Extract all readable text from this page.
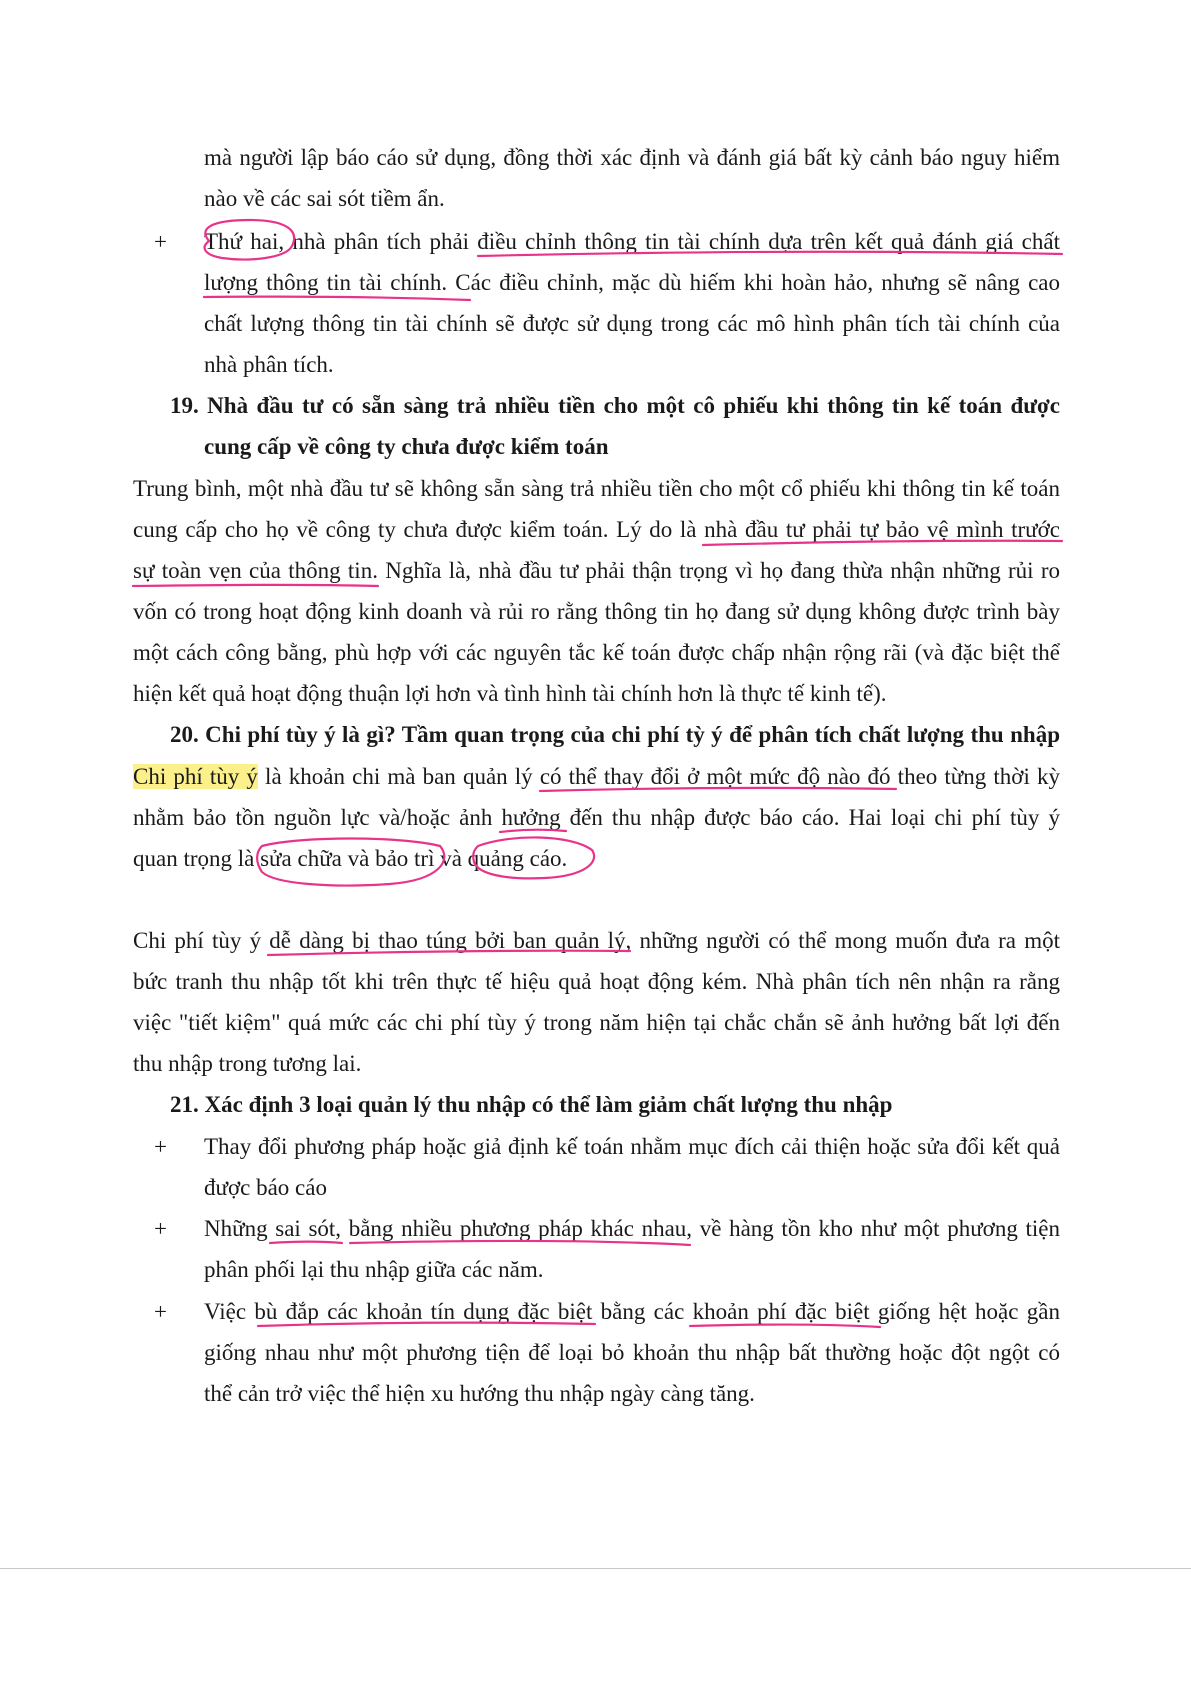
mà người lập báo cáo sử dụng, đồng thời xác định và đánh giá bất kỳ cảnh báo nguy hiểm
nào về các sai sót tiềm ẩn.
+ Thứ hai, nhà phân tích phải điều chỉnh thông tin tài chính dựa trên kết quả đánh giá chất
lượng thông tin tài chính. Các điều chỉnh, mặc dù hiếm khi hoàn hảo, nhưng sẽ nâng cao
chất lượng thông tin tài chính sẽ được sử dụng trong các mô hình phân tích tài chính của
nhà phân tích.
19. Nhà đầu tư có sẵn sàng trả nhiều tiền cho một cô phiếu khi thông tin kế toán được
cung cấp về công ty chưa được kiểm toán
Trung bình, một nhà đầu tư sẽ không sẵn sàng trả nhiều tiền cho một cổ phiếu khi thông tin kế toán
cung cấp cho họ về công ty chưa được kiểm toán. Lý do là nhà đầu tư phải tự bảo vệ mình trước
sự toàn vẹn của thông tin. Nghĩa là, nhà đầu tư phải thận trọng vì họ đang thừa nhận những rủi ro
vốn có trong hoạt động kinh doanh và rủi ro rằng thông tin họ đang sử dụng không được trình bày
một cách công bằng, phù hợp với các nguyên tắc kế toán được chấp nhận rộng rãi (và đặc biệt thể
hiện kết quả hoạt động thuận lợi hơn và tình hình tài chính hơn là thực tế kinh tế).
20. Chi phí tùy ý là gì? Tầm quan trọng của chi phí tỳ ý để phân tích chất lượng thu nhập
Chi phí tùy ý là khoản chi mà ban quản lý có thể thay đổi ở một mức độ nào đó theo từng thời kỳ
nhằm bảo tồn nguồn lực và/hoặc ảnh hưởng đến thu nhập được báo cáo. Hai loại chi phí tùy ý
quan trọng là sửa chữa và bảo trì và quảng cáo.
Chi phí tùy ý dễ dàng bị thao túng bởi ban quản lý, những người có thể mong muốn đưa ra một
bức tranh thu nhập tốt khi trên thực tế hiệu quả hoạt động kém. Nhà phân tích nên nhận ra rằng
việc "tiết kiệm" quá mức các chi phí tùy ý trong năm hiện tại chắc chắn sẽ ảnh hưởng bất lợi đến
thu nhập trong tương lai.
21. Xác định 3 loại quản lý thu nhập có thể làm giảm chất lượng thu nhập
+ Thay đổi phương pháp hoặc giả định kế toán nhằm mục đích cải thiện hoặc sửa đổi kết quả
được báo cáo
+ Những sai sót, bằng nhiều phương pháp khác nhau, về hàng tồn kho như một phương tiện
phân phối lại thu nhập giữa các năm.
+ Việc bù đắp các khoản tín dụng đặc biệt bằng các khoản phí đặc biệt giống hệt hoặc gần
giống nhau như một phương tiện để loại bỏ khoản thu nhập bất thường hoặc đột ngột có
thể cản trở việc thể hiện xu hướng thu nhập ngày càng tăng.
